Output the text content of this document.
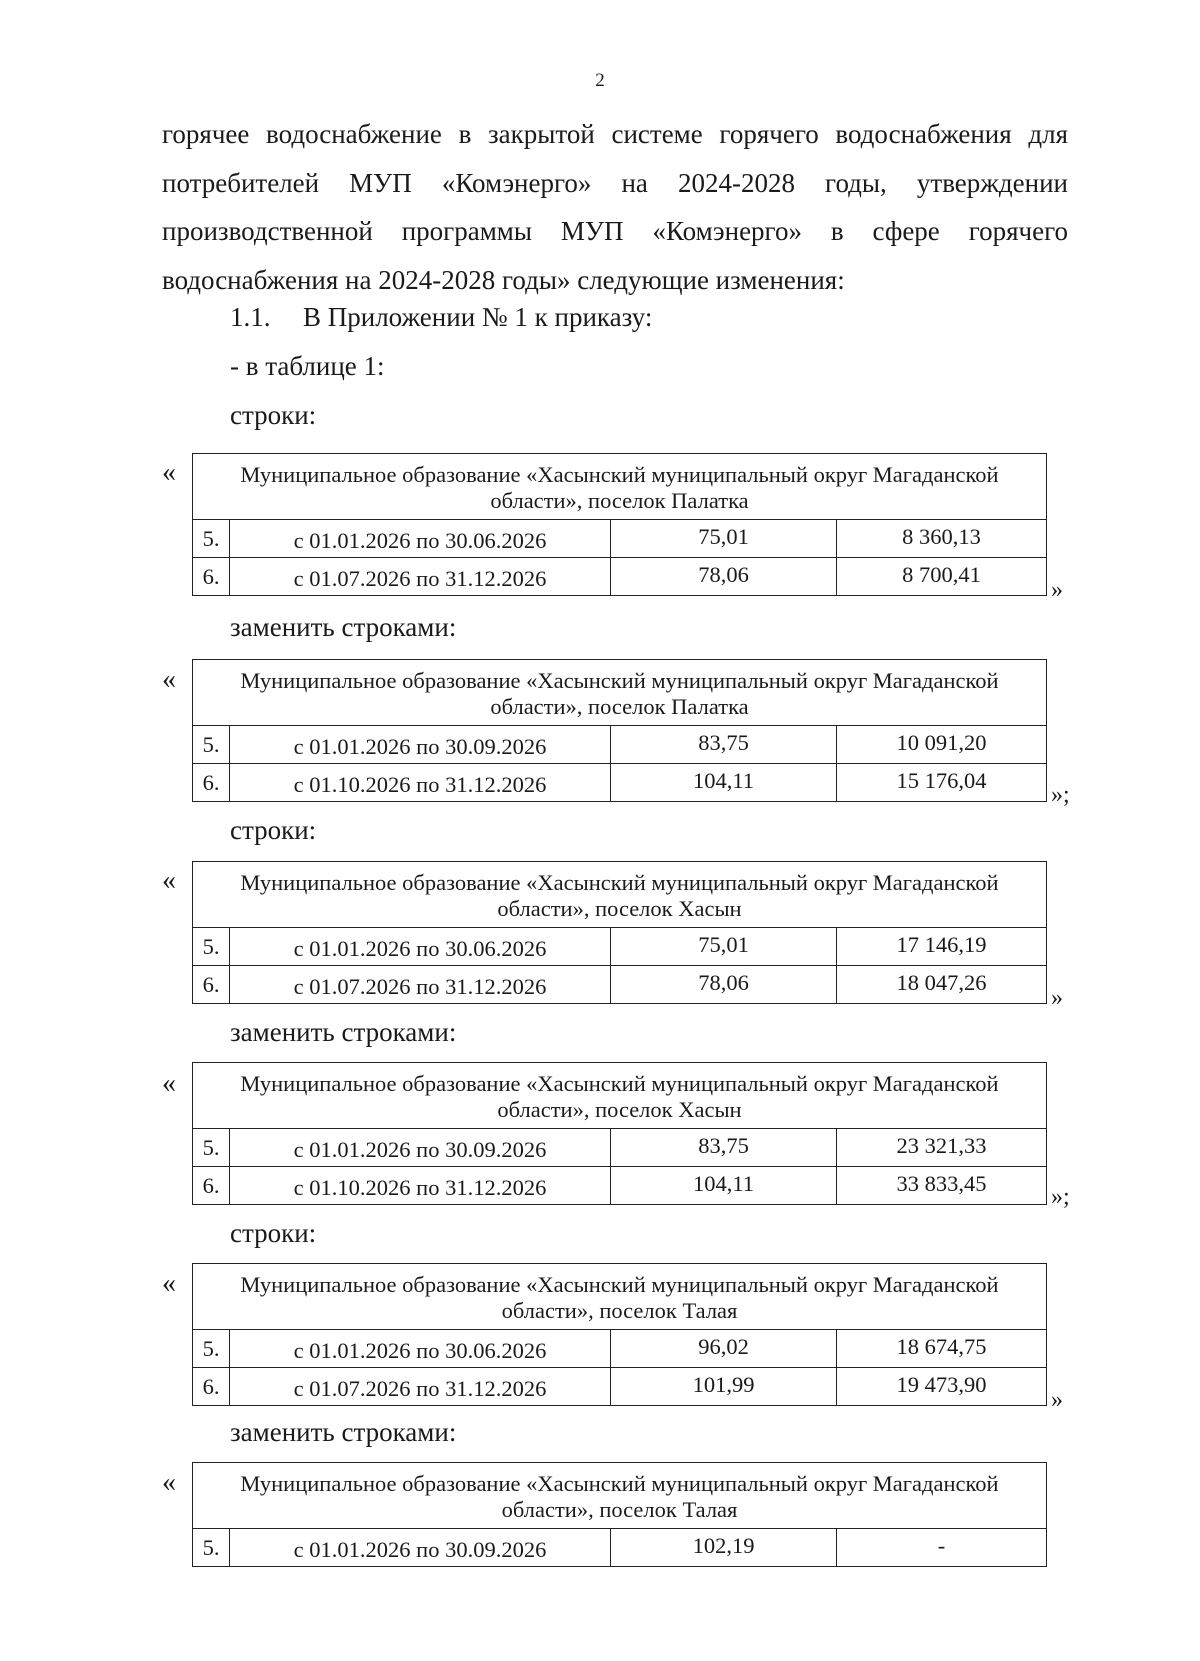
2
горячее водоснабжение в закрытой системе горячего водоснабжения для
потребителей МУП «Комэнерго» на 2024-2028 годы, утверждении
производственной программы МУП «Комэнерго» в сфере горячего
водоснабжения на 2024-2028 годы» следующие изменения:
1.1. В Приложении № 1 к приказу:
- в таблице 1:
строки:
«	Муниципальное образование «Хасынский муниципальный округ Магаданской области», поселок Палатка			
5.	с 01.01.2026 по 30.06.2026	75,01	8 360,13
6.	с 01.07.2026 по 31.12.2026	78,06	8 700,41
»
заменить строками:
«	Муниципальное образование «Хасынский муниципальный округ Магаданской области», поселок Палатка			
5.	с 01.01.2026 по 30.09.2026	83,75	10 091,20
6.	с 01.10.2026 по 31.12.2026	104,11	15 176,04
»;
строки:
«	Муниципальное образование «Хасынский муниципальный округ Магаданской области», поселок Хасын			
5.	с 01.01.2026 по 30.06.2026	75,01	17 146,19
6.	с 01.07.2026 по 31.12.2026	78,06	18 047,26
»
заменить строками:
«	Муниципальное образование «Хасынский муниципальный округ Магаданской области», поселок Хасын			
5.	с 01.01.2026 по 30.09.2026	83,75	23 321,33
6.	с 01.10.2026 по 31.12.2026	104,11	33 833,45
»;
строки:
«	Муниципальное образование «Хасынский муниципальный округ Магаданской области», поселок Талая			
5.	с 01.01.2026 по 30.06.2026	96,02	18 674,75
6.	с 01.07.2026 по 31.12.2026	101,99	19 473,90
»
заменить строками:
«	Муниципальное образование «Хасынский муниципальный округ Магаданской области», поселок Талая
5.	с 01.01.2026 по 30.09.2026	102,19	-
